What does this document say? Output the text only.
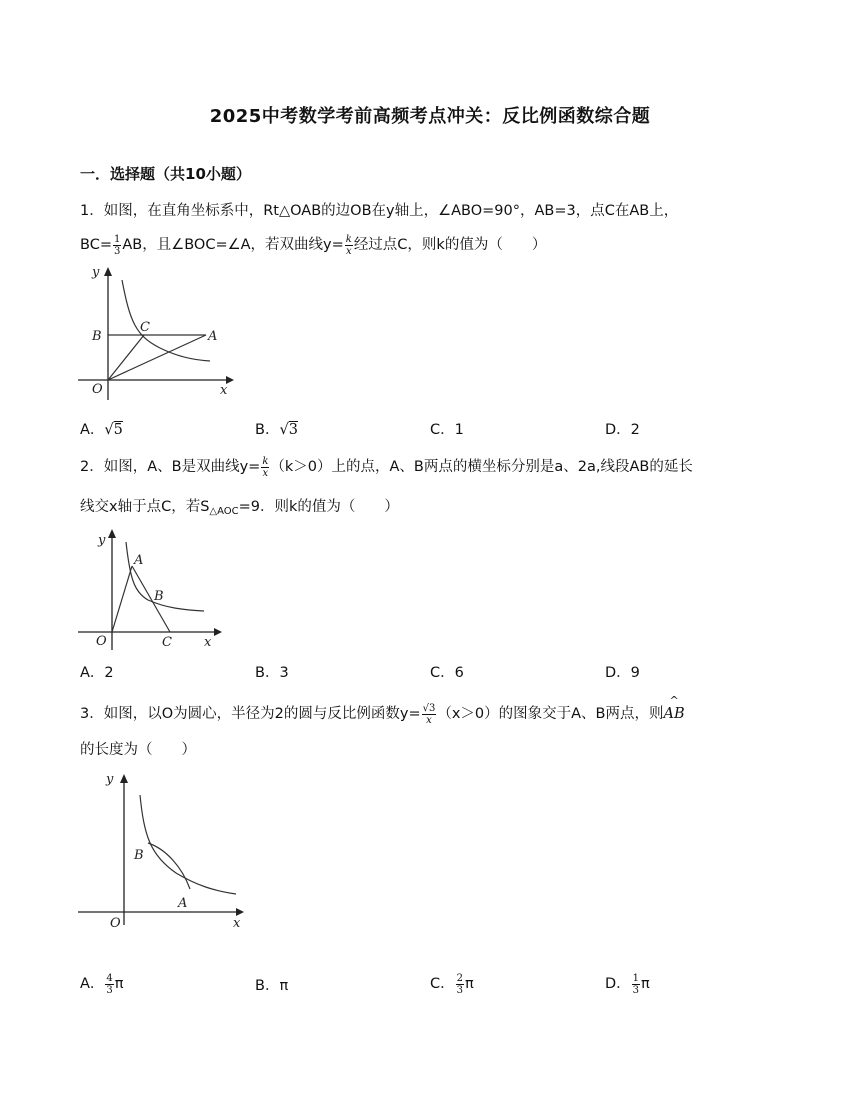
2025中考数学考前高频考点冲关：反比例函数综合题
一．选择题（共10小题）
1．如图，在直角坐标系中，Rt△OAB的边OB在y轴上，∠ABO=90°，AB=3，点C在AB上，
$BC= \frac{1}{3}$ AB，且∠BOC=∠A，若双曲线$y= \frac{k}{x}$ 经过点C，则k的值为（　　）
y
x
O
B
C
A
A．√5	B．√3	C．1	D．2
2．如图，A、B是双曲线$y= \frac{k}{x} (k>0)$上的点，A、B两点的横坐标分别是a、2a,线段AB的延长
线交x轴于点C，若$S_{\triangle AOC}=9$．则k的值为（　　）
y
x
O
A
B
C
A．2	B．3	C．6	D．9
3．如图，以O为圆心，半径为2的圆与反比例函数$y= \frac{√3}{x} (x>0)$的图象交于A、B两点，则
^
AB
的长度为（　　）
y
x
O
B
A
A． $\frac{4}{3}$ π	B．π	C． $\frac{2}{3}$ π	D． $\frac{1}{3}$ π
